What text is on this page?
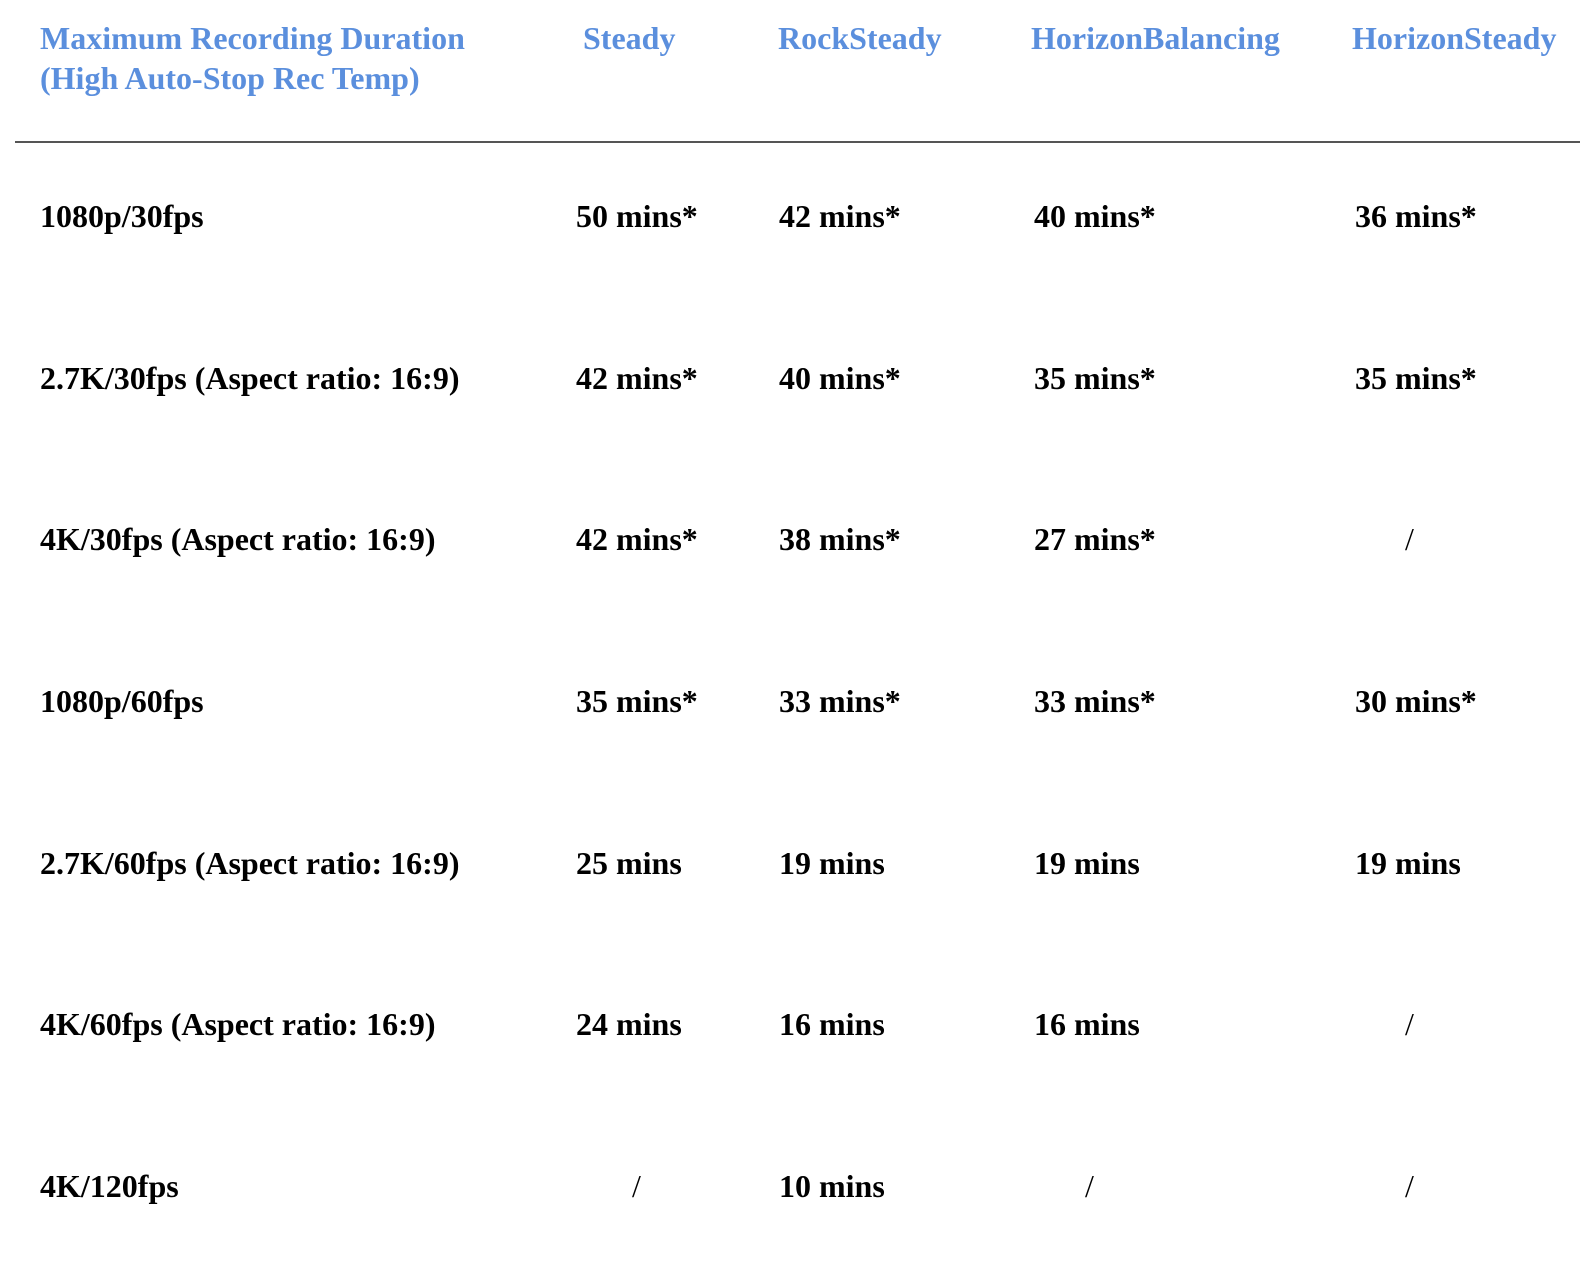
Maximum Recording Duration
(High Auto-Stop Rec Temp)
Steady	RockSteady	HorizonBalancing HorizonSteady
1080p/30fps	50 mins*	42 mins*	40 mins*	36 mins*
2.7K/30fps (Aspect ratio: 16:9)	42 mins*	40 mins*	35 mins*	35 mins*
4K/30fps (Aspect ratio: 16:9)	42 mins*	38 mins*	27 mins*	/
1080p/60fps	35 mins*	33 mins*	33 mins*	30 mins*
2.7K/60fps (Aspect ratio: 16:9)	25 mins	19 mins	19 mins	19 mins
4K/60fps (Aspect ratio: 16:9)	24 mins	16 mins	16 mins	/
4K/120fps	/	10 mins	/	/
